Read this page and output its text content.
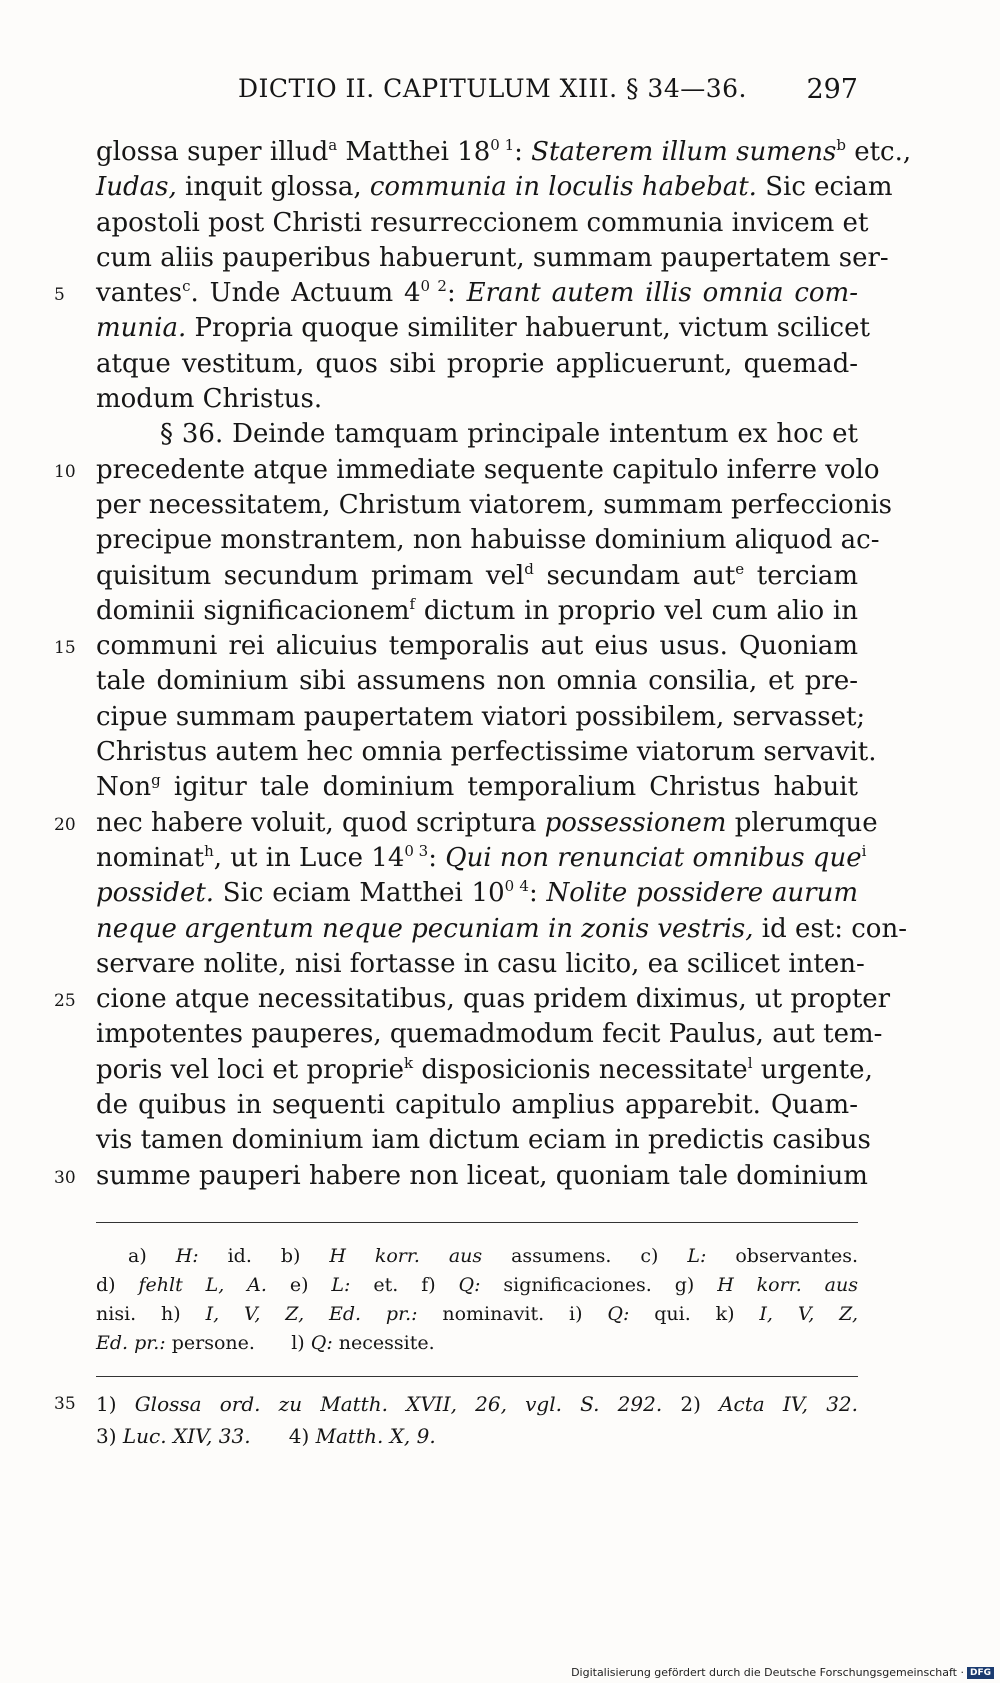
DICTIO II. CAPITULUM XIII. § 34—36. 297
glossa super illud$^a$ Matthei $18^{0 1}$: Staterem illum sumens$^b$ etc.,
Iudas, inquit glossa, communia in loculis habebat. Sic eciam
apostoli post Christi resurreccionem communia invicem et
cum aliis pauperibus habuerunt, summam paupertatem ser-
5	vantes$^c$. Unde Actuum $4^{0 2}$: Erant autem illis omnia com-
munia. Propria quoque similiter habuerunt, victum scilicet
atque vestitum, quos sibi proprie applicuerunt, quemad-
modum Christus.
§ 36. Deinde tamquam principale intentum ex hoc et
10 precedente atque immediate sequente capitulo inferre volo
per necessitatem, Christum viatorem, summam perfeccionis
precipue monstrantem, non habuisse dominium aliquod ac-
quisitum secundum primam vel$^d$ secundam aut$^e$ terciam
dominii significacionem$^f$ dictum in proprio vel cum alio in
15 communi rei alicuius temporalis aut eius usus. Quoniam
tale dominium sibi assumens non omnia consilia, et pre-
cipue summam paupertatem viatori possibilem, servasset;
Christus autem hec omnia perfectissime viatorum servavit.
Non$^g$ igitur tale dominium temporalium Christus habuit
20 nec habere voluit, quod scriptura possessionem plerumque
nominat$^h$, ut in Luce $14^{0 3}$: Qui non renunciat omnibus que$^i$
possidet. Sic eciam Matthei $10^{0 4}$: Nolite possidere aurum
neque argentum neque pecuniam in zonis vestris, id est: con-
servare nolite, nisi fortasse in casu licito, ea scilicet inten-
25 cione atque necessitatibus, quas pridem diximus, ut propter
impotentes pauperes, quemadmodum fecit Paulus, aut tem-
poris vel loci et proprie$^k$ disposicionis necessitate$^l$ urgente,
de quibus in sequenti capitulo amplius apparebit. Quam-
vis tamen dominium iam dictum eciam in predictis casibus
30 summe pauperi habere non liceat, quoniam tale dominium
a) H: id. b) H korr. aus assumens. c) L: observantes.
d) fehlt L, A. e) L: et. f) Q: significaciones. g) H korr. aus
nisi. h) I, V, Z, Ed. pr.: nominavit. i) Q: qui. k) I, V, Z,
Ed. pr.: persone. l) Q: necessite.
35	1) Glossa ord. zu Matth. XVII, 26, vgl. S. 292. 2) Acta IV, 32.
3) Luc. XIV, 33. 4) Matth. X, 9.
Digitalisierung gefördert durch die Deutsche Forschungsgemeinschaft · DFG
